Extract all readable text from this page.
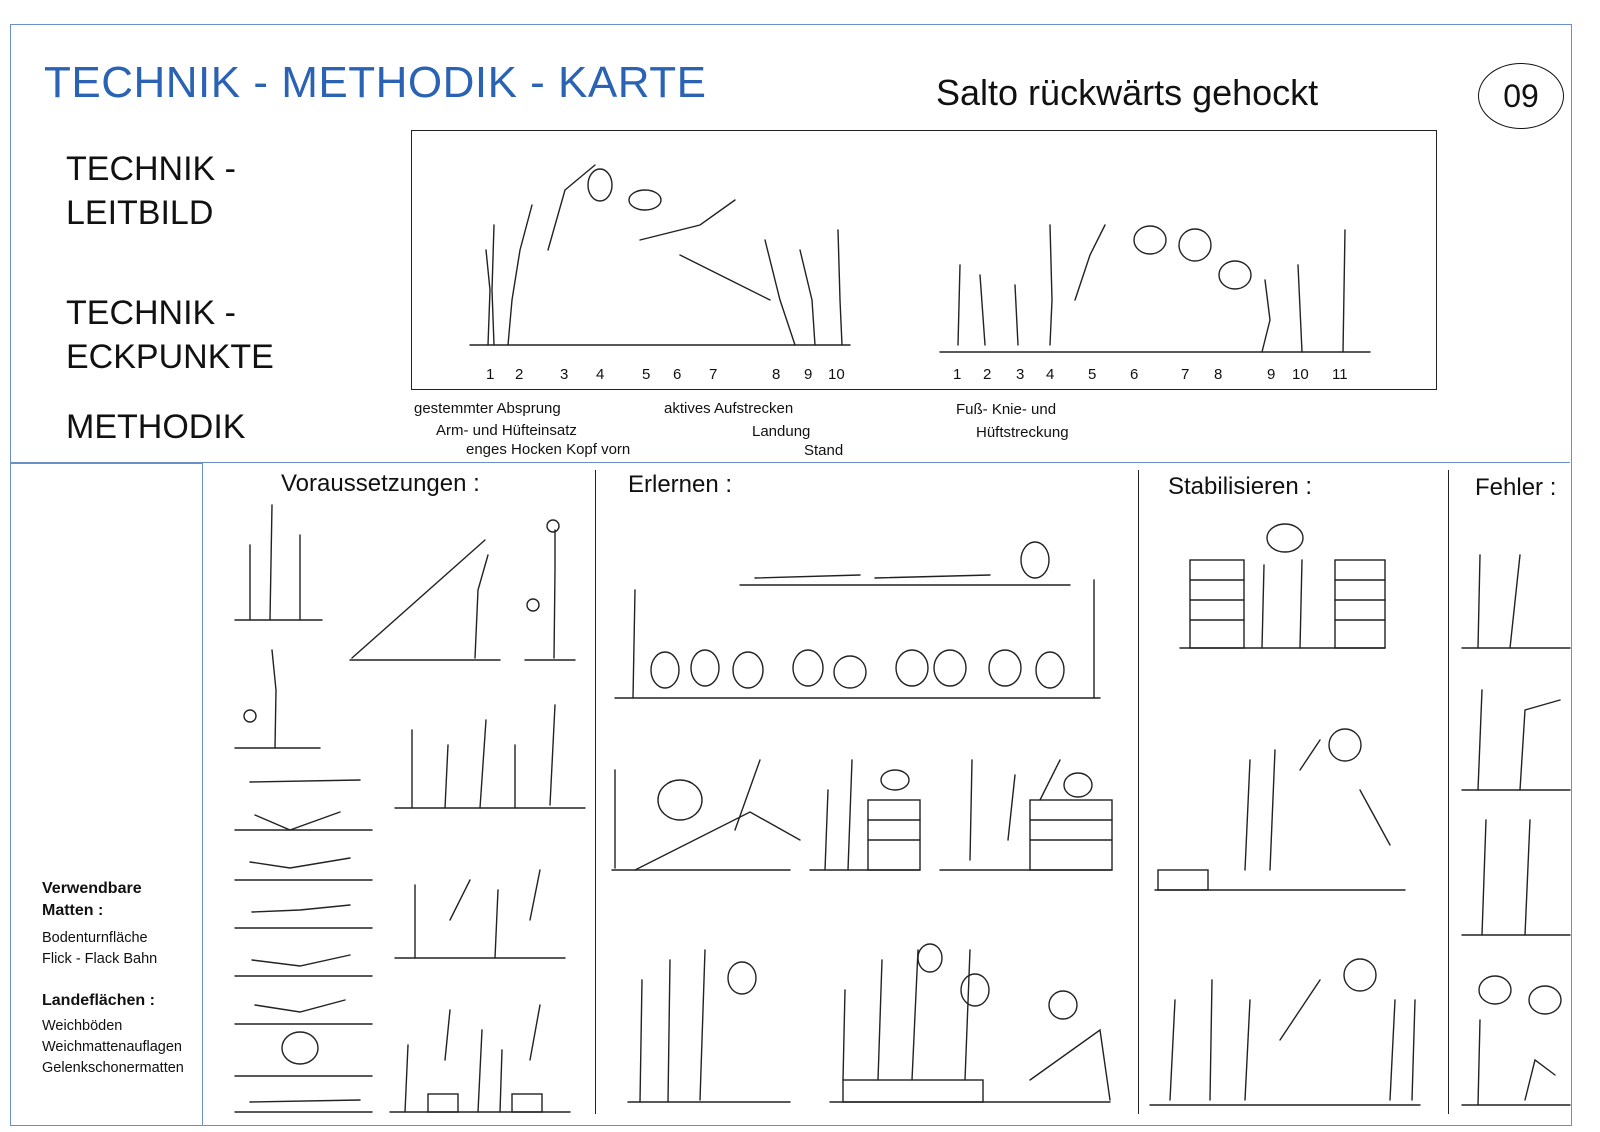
TECHNIK - METHODIK - KARTE	Salto rückwärts gehockt	09
TECHNIK -
LEITBILD
TECHNIK -
ECKPUNKTE
METHODIK
1 2 3 4	5 6 7	8 9 10	1 2 3 4 5 6	7 8	9 10 11
gestemmter Absprung
Arm- und Hüfteinsatz
enges Hocken Kopf vorn
aktives Aufstrecken
Landung
Stand
Fuß- Knie- und
Hüftstreckung
Voraussetzungen :	Erlernen :	Stabilisieren :	Fehler :
Verwendbare
Matten :
Bodenturnfläche
Flick - Flack Bahn
Landeflächen :
Weichböden
Weichmattenauflagen
Gelenkschonermatten
